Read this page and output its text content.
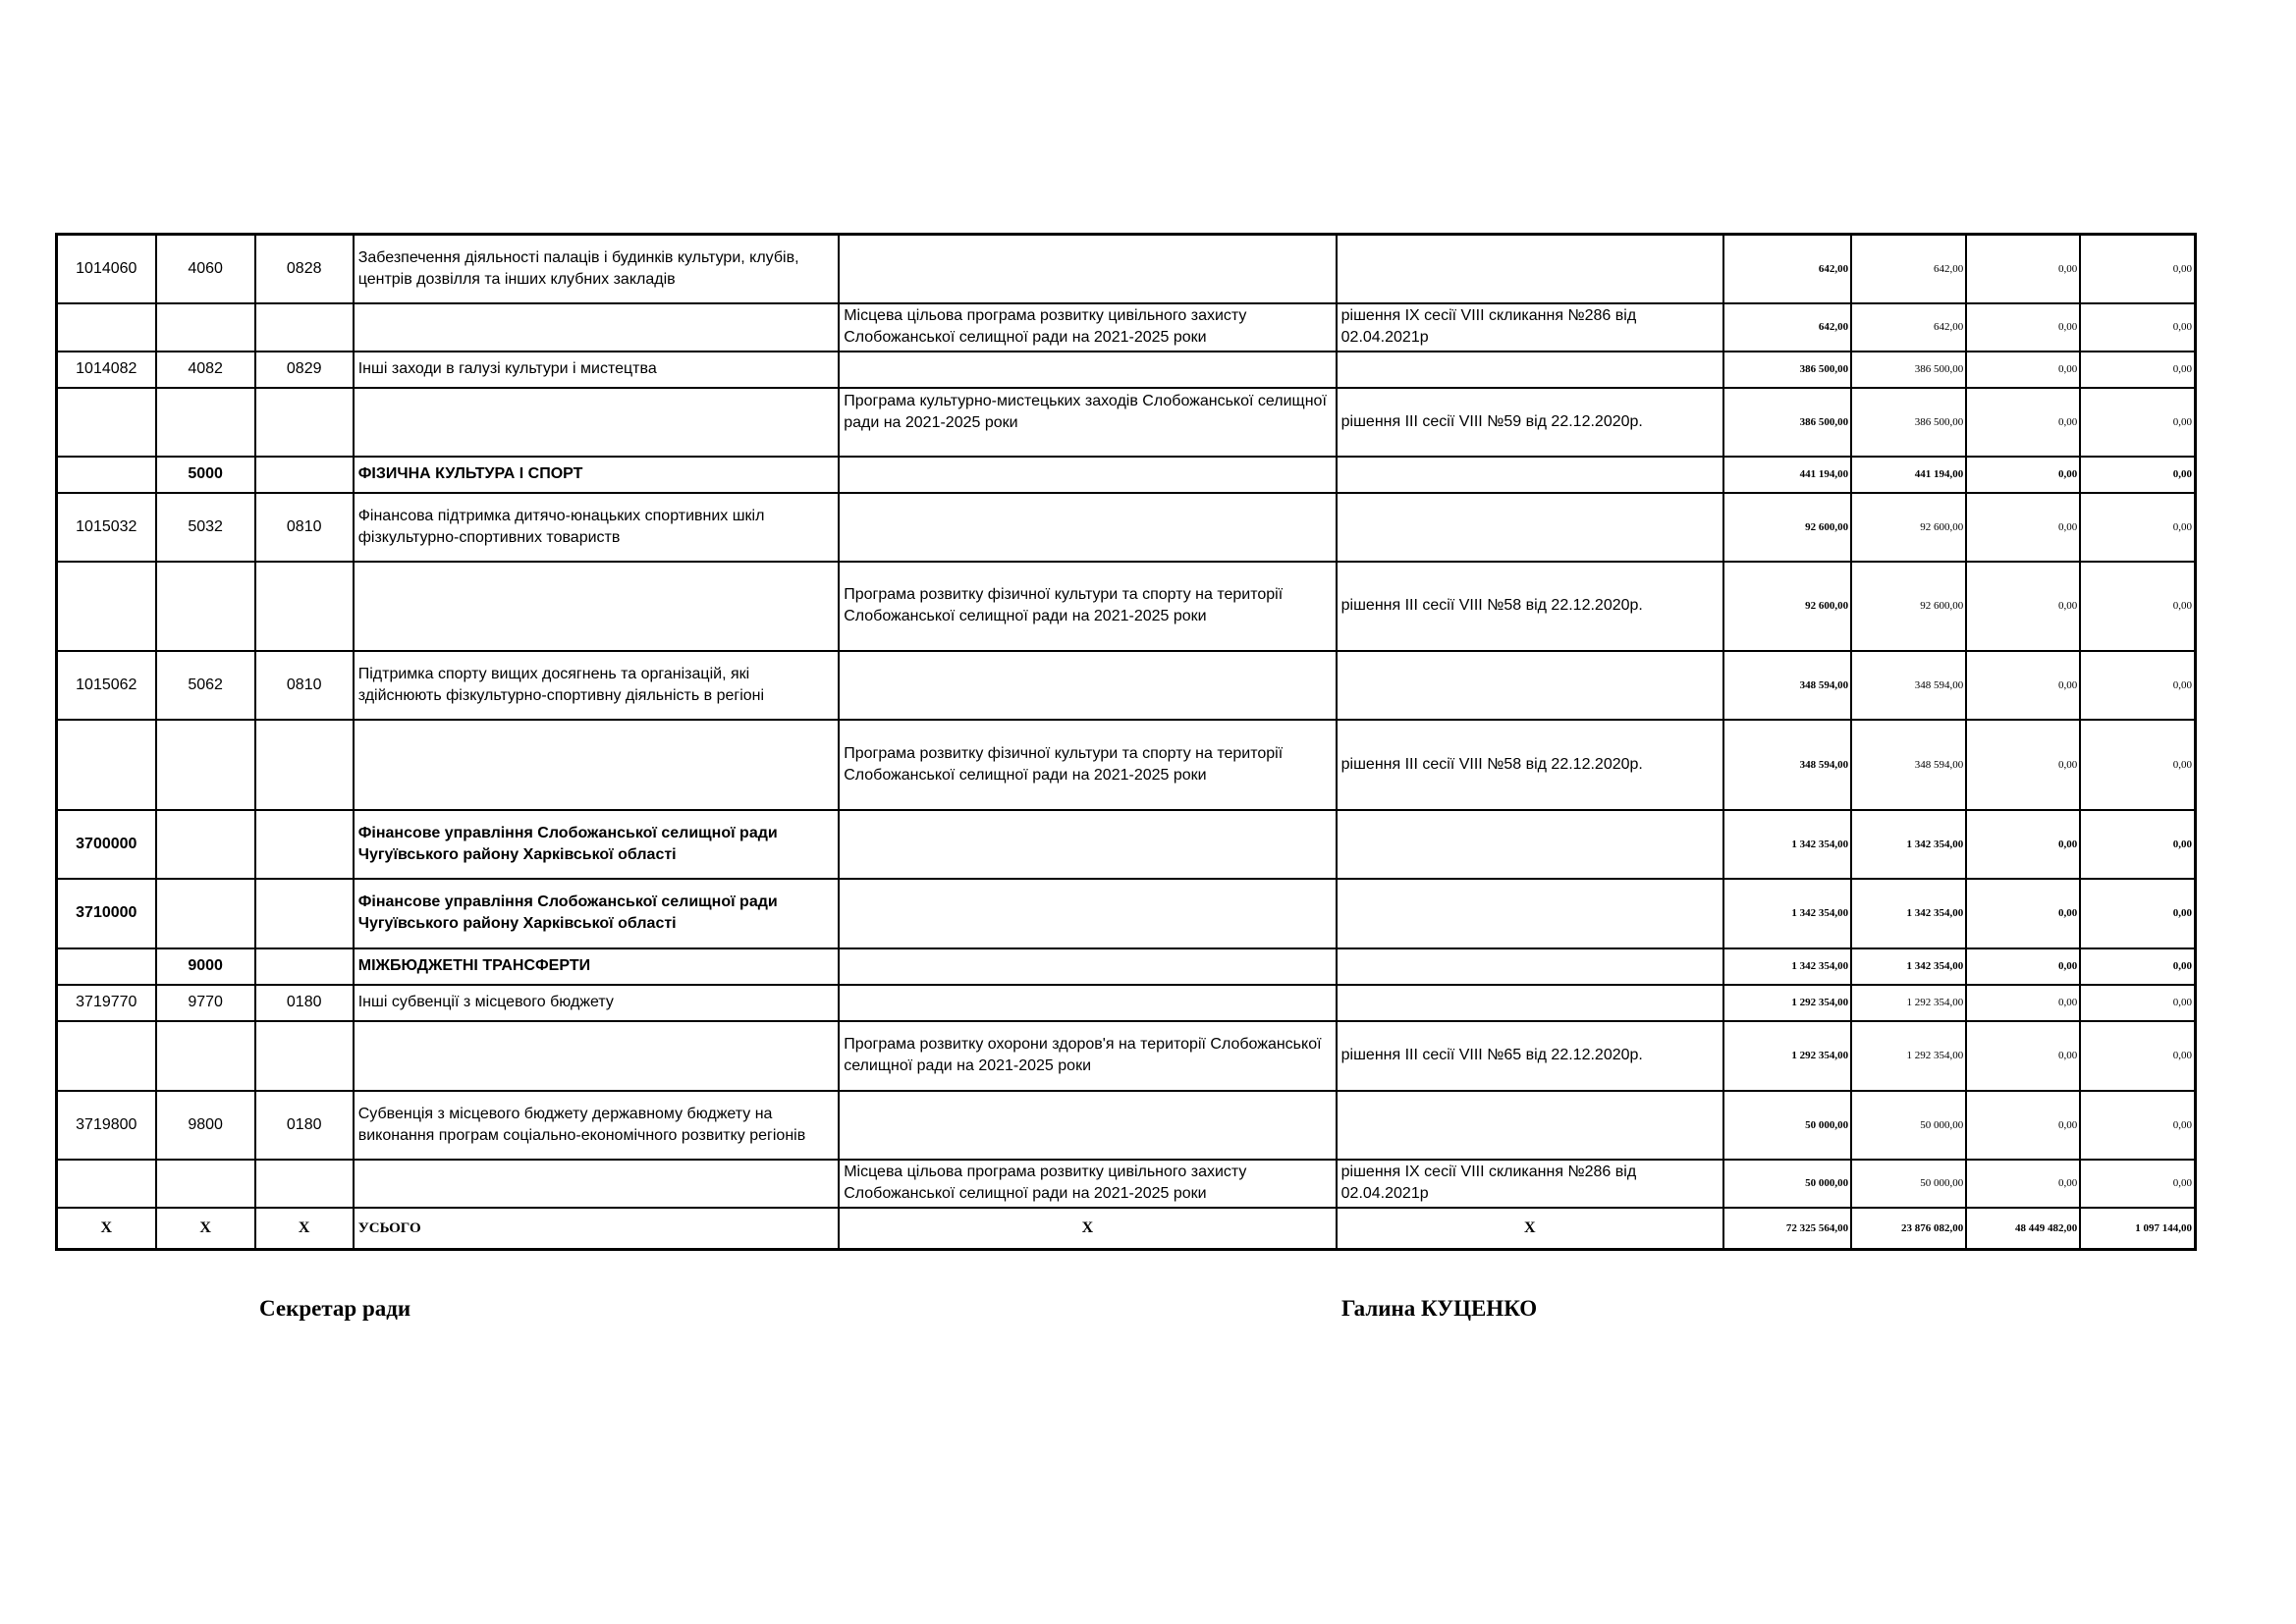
1014060	4060	0828	Забезпечення діяльності палаців і будинків культури, клубів, центрів дозвілля та інших клубних закладів			642,00	642,00	0,00	0,00
				Місцева цільова програма розвитку цивільного захисту Слобожанської селищної ради на 2021-2025 роки	рішення IX сесії VIII скликання №286 від 02.04.2021р	642,00	642,00	0,00	0,00
1014082	4082	0829	Інші заходи в галузі культури і мистецтва			386 500,00	386 500,00	0,00	0,00
				Програма культурно-мистецьких заходів Слобожанської селищної ради на 2021-2025 роки	рішення III сесії VIII №59 від 22.12.2020р.	386 500,00	386 500,00	0,00	0,00
	5000		ФІЗИЧНА КУЛЬТУРА І СПОРТ			441 194,00	441 194,00	0,00	0,00
1015032	5032	0810	Фінансова підтримка дитячо-юнацьких спортивних шкіл фізкультурно-спортивних товариств			92 600,00	92 600,00	0,00	0,00
				Програма розвитку фізичної культури та спорту на території Слобожанської селищної ради на 2021-2025 роки	рішення III сесії VIII №58 від 22.12.2020р.	92 600,00	92 600,00	0,00	0,00
1015062	5062	0810	Підтримка спорту вищих досягнень та організацій, які здійснюють фізкультурно-спортивну діяльність в регіоні			348 594,00	348 594,00	0,00	0,00
				Програма розвитку фізичної культури та спорту на території Слобожанської селищної ради на 2021-2025 роки	рішення III сесії VIII №58 від 22.12.2020р.	348 594,00	348 594,00	0,00	0,00
3700000			Фінансове управління Слобожанської селищної ради Чугуївського району Харківської області			1 342 354,00	1 342 354,00	0,00	0,00
3710000			Фінансове управління Слобожанської селищної ради Чугуївського району Харківської області			1 342 354,00	1 342 354,00	0,00	0,00
	9000		МІЖБЮДЖЕТНІ ТРАНСФЕРТИ			1 342 354,00	1 342 354,00	0,00	0,00
3719770	9770	0180	Інші субвенції з місцевого бюджету			1 292 354,00	1 292 354,00	0,00	0,00
				Програма розвитку охорони здоров'я на території Слобожанської селищної ради на 2021-2025 роки	рішення III сесії VIII №65 від 22.12.2020р.	1 292 354,00	1 292 354,00	0,00	0,00
3719800	9800	0180	Субвенція з місцевого бюджету державному бюджету на виконання програм соціально-економічного розвитку регіонів			50 000,00	50 000,00	0,00	0,00
				Місцева цільова програма розвитку цивільного захисту Слобожанської селищної ради на 2021-2025 роки	рішення IX сесії VIII скликання №286 від 02.04.2021р	50 000,00	50 000,00	0,00	0,00
X	X	X	УСЬОГО	X	X	72 325 564,00	23 876 082,00	48 449 482,00	1 097 144,00
Секретар ради	Галина КУЦЕНКО
